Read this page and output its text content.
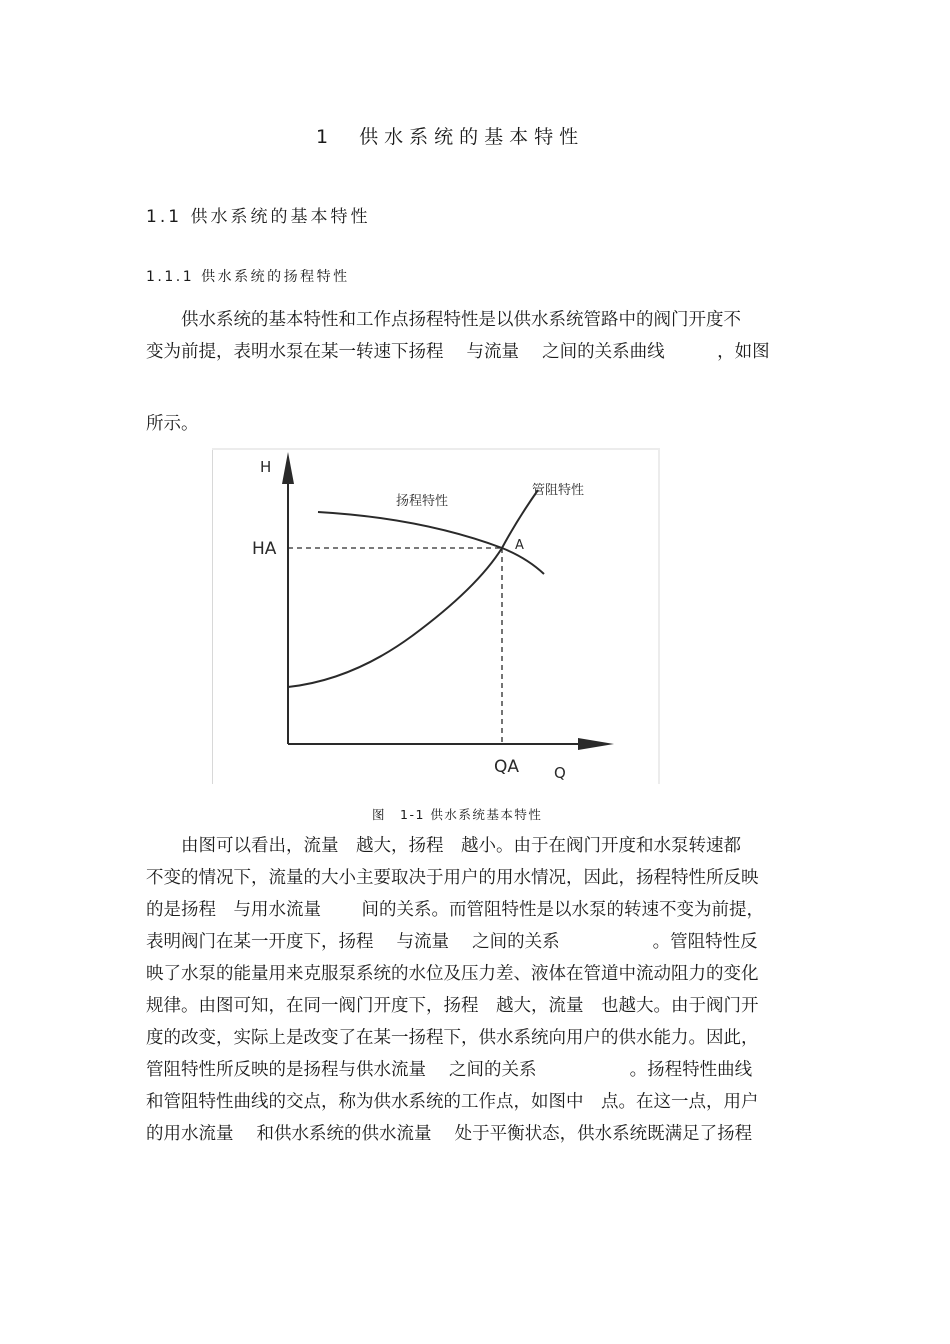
1　供水系统的基本特性
1.1 供水系统的基本特性
1.1.1 供水系统的扬程特性
　　供水系统的基本特性和工作点扬程特性是以供水系统管路中的阀门开度不
变为前提，表明水泵在某一转速下扬程　 与流量　 之间的关系曲线　　　，如图
所示。
H
Q
HA
QA
A
扬程特性
管阻特性
图　1-1 供水系统基本特性
　　由图可以看出，流量　越大，扬程　越小。由于在阀门开度和水泵转速都
不变的情况下，流量的大小主要取决于用户的用水情况，因此，扬程特性所反映
的是扬程　与用水流量　　 间的关系。而管阻特性是以水泵的转速不变为前提，
表明阀门在某一开度下，扬程　 与流量　 之间的关系　　　　　 。管阻特性反
映了水泵的能量用来克服泵系统的水位及压力差、液体在管道中流动阻力的变化
规律。由图可知，在同一阀门开度下，扬程　越大，流量　也越大。由于阀门开
度的改变，实际上是改变了在某一扬程下，供水系统向用户的供水能力。因此，
管阻特性所反映的是扬程与供水流量　 之间的关系　　　　　 。扬程特性曲线
和管阻特性曲线的交点，称为供水系统的工作点，如图中　点。在这一点，用户
的用水流量　 和供水系统的供水流量　 处于平衡状态，供水系统既满足了扬程
